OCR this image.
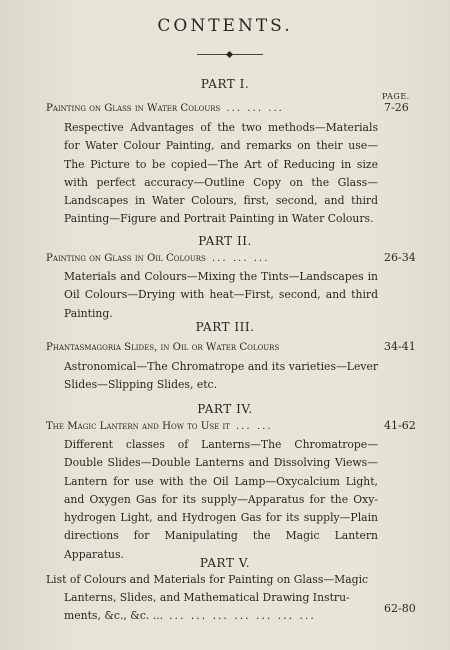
CONTENTS.
PART I.
PAGE.
Painting on Glass in Water Colours ... ... ...	7-26
Respective Advantages of the two methods—Materials for Water Colour Painting, and remarks on their use—The Picture to be copied—The Art of Reducing in size with perfect accuracy—Outline Copy on the Glass—Landscapes in Water Colours, first, second, and third Painting—Figure and Portrait Painting in Water Colours.
PART II.
Painting on Glass in Oil Colours ... ... ...	26-34
Materials and Colours—Mixing the Tints—Landscapes in Oil Colours—Drying with heat—First, second, and third Painting.
PART III.
Phantasmagoria Slides, in Oil or Water Colours	34-41
Astronomical—The Chromatrope and its varieties—Lever Slides—Slipping Slides, etc.
PART IV.
The Magic Lantern and How to Use it ... ...	41-62
Different classes of Lanterns—The Chromatrope—Double Slides—Double Lanterns and Dissolving Views—Lantern for use with the Oil Lamp—Oxycalcium Light, and Oxygen Gas for its supply—Apparatus for the Oxy-hydrogen Light, and Hydrogen Gas for its supply—Plain directions for Manipulating the Magic Lantern Apparatus.
PART V.
List of Colours and Materials for Painting on Glass—Magic
Lanterns, Slides, and Mathematical Drawing Instru-
ments, &c., &c. ... ... ... ... ... ... ... ...
62-80
